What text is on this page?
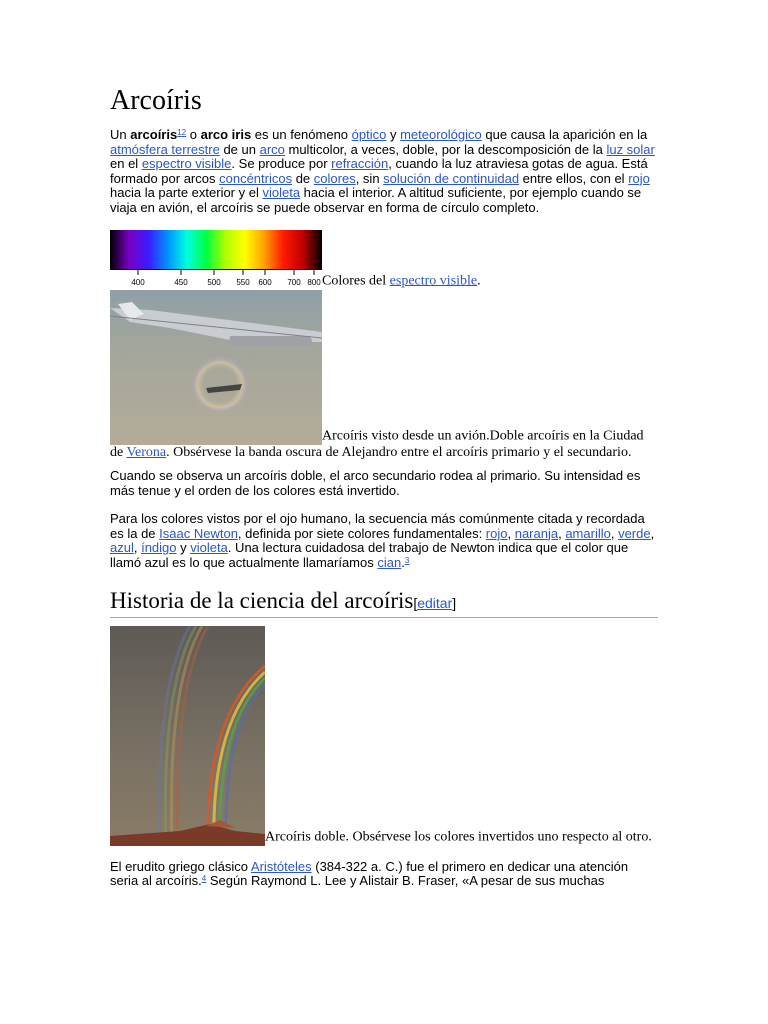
Arcoíris

Un arcoíris$^{12}$ o arco iris es un fenómeno óptico y meteorológico que causa la aparición en la atmósfera terrestre de un arco multicolor, a veces, doble, por la descomposición de la luz solar en el espectro visible. Se produce por refracción, cuando la luz atraviesa gotas de agua. Está formado por arcos concéntricos de colores, sin solución de continuidad entre ellos, con el rojo hacia la parte exterior y el violeta hacia el interior. A altitud suficiente, por ejemplo cuando se viaja en avión, el arcoíris se puede observar en forma de círculo completo.

400	450 500 550 600 700 800 Colores del espectro visible.
Arcoíris visto desde un avión.Doble arcoíris en la Ciudad de Verona. Obsérvese la banda oscura de Alejandro entre el arcoíris primario y el secundario.

Cuando se observa un arcoíris doble, el arco secundario rodea al primario. Su intensidad es más tenue y el orden de los colores está invertido.

Para los colores vistos por el ojo humano, la secuencia más comúnmente citada y recordada es la de Isaac Newton, definida por siete colores fundamentales: rojo, naranja, amarillo, verde, azul, índigo y violeta. Una lectura cuidadosa del trabajo de Newton indica que el color que llamó azul es lo que actualmente llamaríamos cian.$^3$

Historia de la ciencia del arcoíris[editar]
Arcoíris doble. Obsérvese los colores invertidos uno respecto al otro.

El erudito griego clásico Aristóteles (384-322 a. C.) fue el primero en dedicar una atención seria al arcoíris.$^4$ Según Raymond L. Lee y Alistair B. Fraser, «A pesar de sus muchas
